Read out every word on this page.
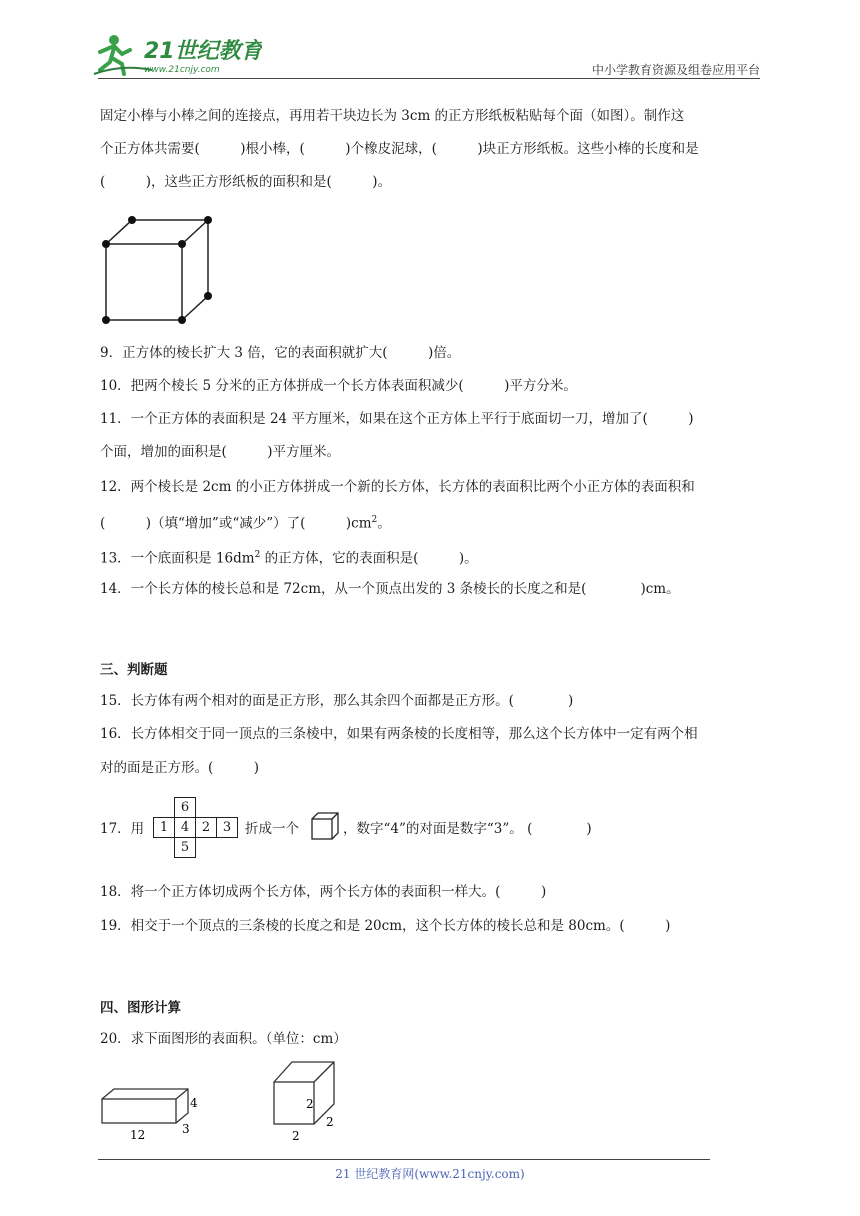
21世纪教育
www.21cnjy.com	中小学教育资源及组卷应用平台
固定小棒与小棒之间的连接点，再用若干块边长为 3cm 的正方形纸板粘贴每个面（如图）。制作这
个正方体共需要(　　　)根小棒，(　　　)个橡皮泥球，(　　　)块正方形纸板。这些小棒的长度和是
(　　　)，这些正方形纸板的面积和是(　　　)。
9．正方体的棱长扩大 3 倍，它的表面积就扩大(　　　)倍。
10．把两个棱长 5 分米的正方体拼成一个长方体表面积减少(　　　)平方分米。
11．一个正方体的表面积是 24 平方厘米，如果在这个正方体上平行于底面切一刀，增加了(　　　)
个面，增加的面积是(　　　)平方厘米。
12．两个棱长是 2cm 的小正方体拼成一个新的长方体，长方体的表面积比两个小正方体的表面积和
(　　　)（填“增加”或“减少”）了(　　　)$cm^2$。
13．一个底面积是 $16dm^2$ 的正方体，它的表面积是(　　　)。
14．一个长方体的棱长总和是 72cm，从一个顶点出发的 3 条棱长的长度之和是(　　　　)cm。
三、判断题
15．长方体有两个相对的面是正方形，那么其余四个面都是正方形。(　　　　)
16．长方体相交于同一顶点的三条棱中，如果有两条棱的长度相等，那么这个长方体中一定有两个相
对的面是正方形。(　　　)
17．用
	6		
1	4	2	3
	5		
折成一个	，数字“4”的对面是数字“3”。 (　　　　)
18．将一个正方体切成两个长方体，两个长方体的表面积一样大。(　　　)
19．相交于一个顶点的三条棱的长度之和是 20cm，这个长方体的棱长总和是 80cm。(　　　)
四、图形计算
20．求下面图形的表面积。（单位：cm）
4
3
12
2
2
2
21 世纪教育网(www.21cnjy.com)
